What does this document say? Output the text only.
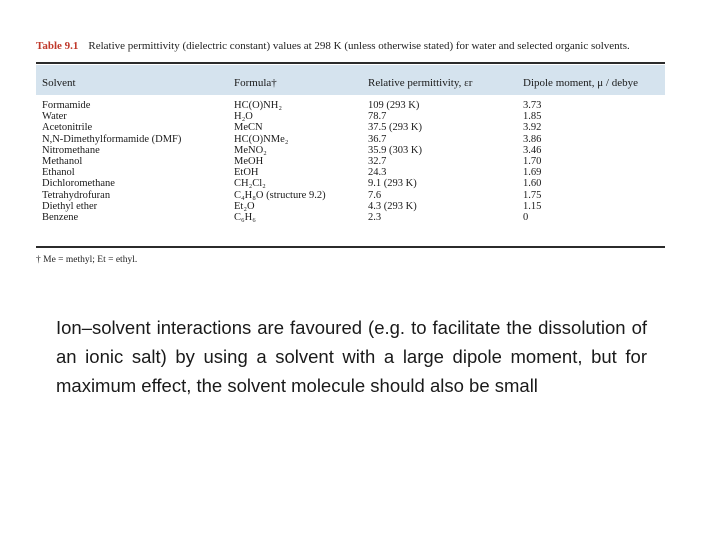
Table 9.1 Relative permittivity (dielectric constant) values at 298 K (unless otherwise stated) for water and selected organic solvents.
Solvent	Formula†	Relative permittivity, εr	Dipole moment, μ / debye
Formamide	HC(O)NH₂	109 (293 K)	3.73
Water	H₂O	78.7	1.85
Acetonitrile	MeCN	37.5 (293 K)	3.92
N,N-Dimethylformamide (DMF)	HC(O)NMe₂	36.7	3.86
Nitromethane	MeNO₂	35.9 (303 K)	3.46
Methanol	MeOH	32.7	1.70
Ethanol	EtOH	24.3	1.69
Dichloromethane	CH₂Cl₂	9.1 (293 K)	1.60
Tetrahydrofuran	C₄H₈O (structure 9.2)	7.6	1.75
Diethyl ether	Et₂O	4.3 (293 K)	1.15
Benzene	C₆H₆	2.3	0
† Me = methyl; Et = ethyl.
Ion–solvent interactions are favoured (e.g. to facilitate the dissolution of an ionic salt) by using a solvent with a large dipole moment, but for maximum effect, the solvent molecule should also be small
